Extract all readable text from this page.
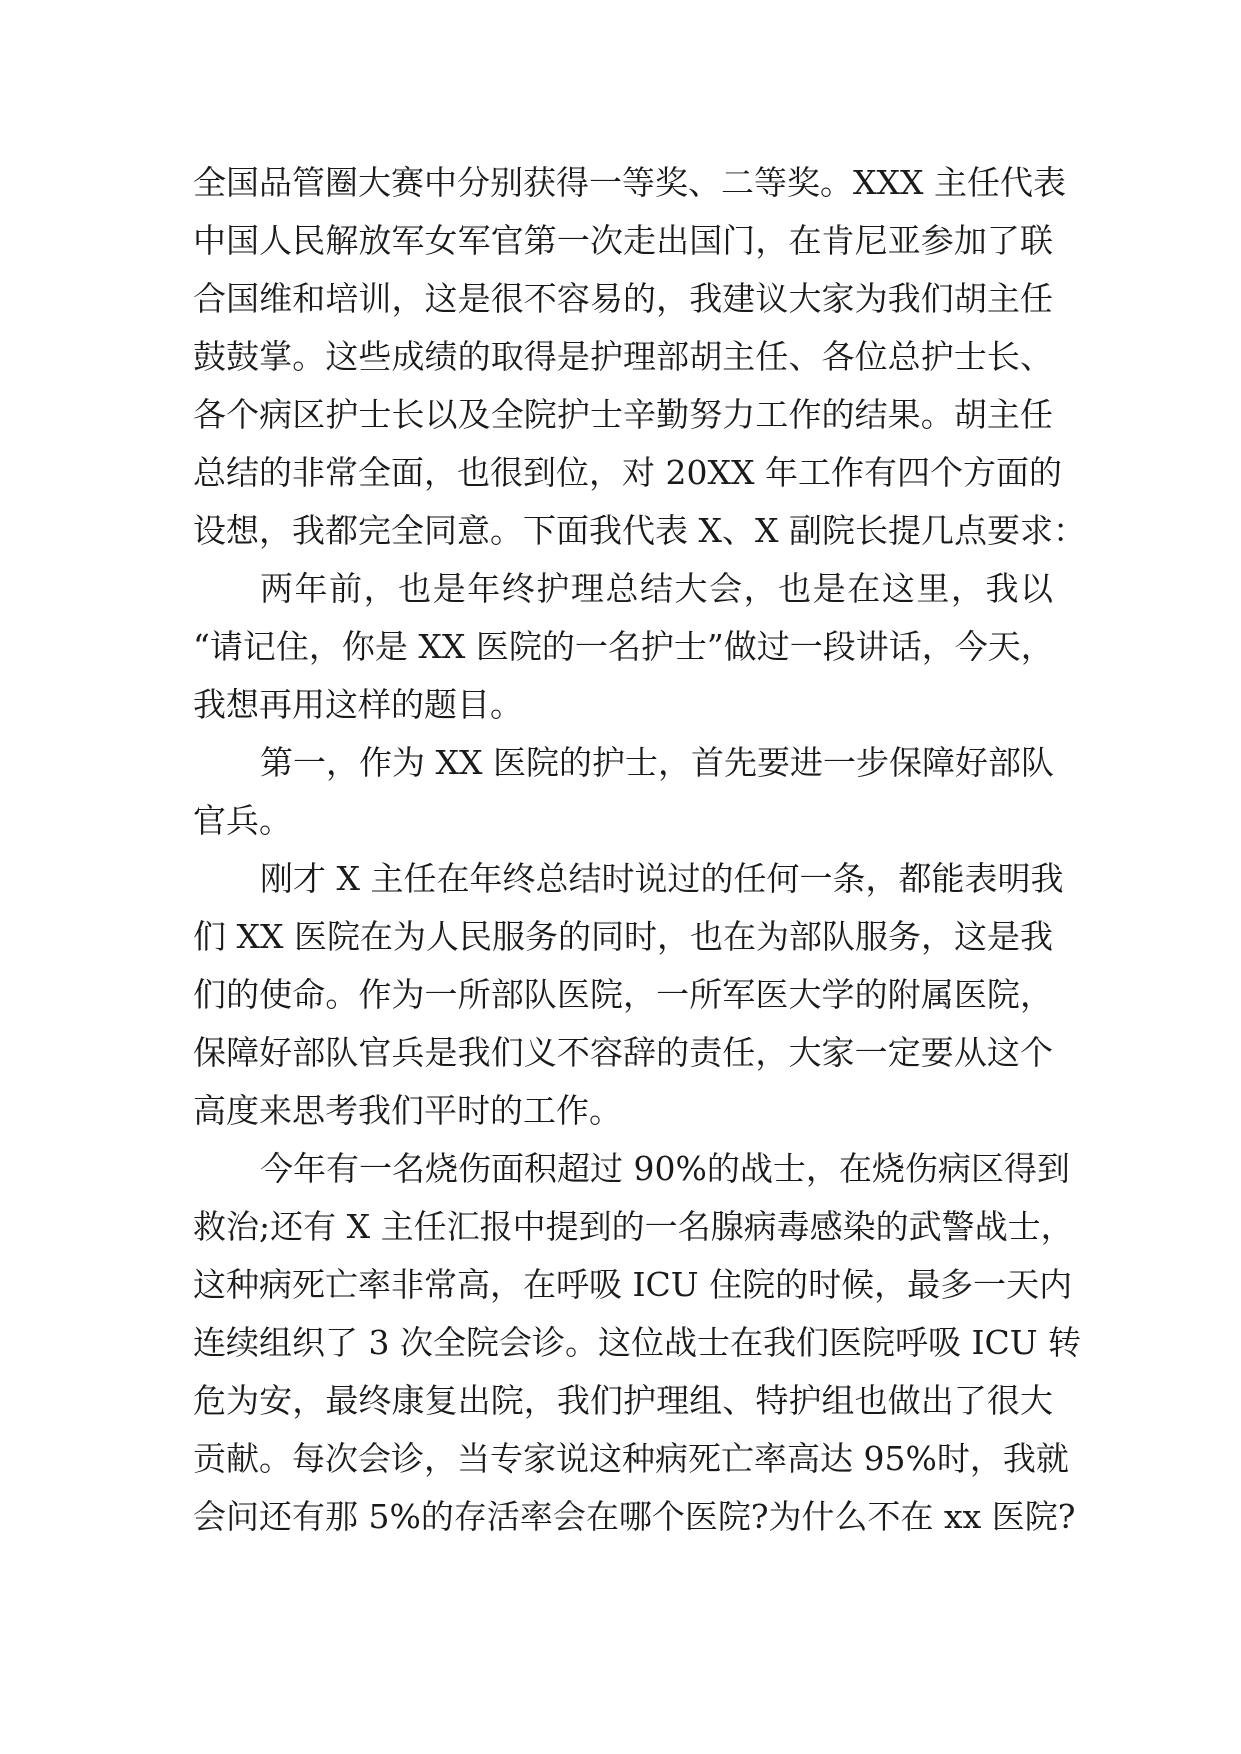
全国品管圈大赛中分别获得一等奖、二等奖。XXX 主任代表
中国人民解放军女军官第一次走出国门，在肯尼亚参加了联
合国维和培训，这是很不容易的，我建议大家为我们胡主任
鼓鼓掌。这些成绩的取得是护理部胡主任、各位总护士长、
各个病区护士长以及全院护士辛勤努力工作的结果。胡主任
总结的非常全面，也很到位，对 20XX 年工作有四个方面的
设想，我都完全同意。下面我代表 X、X 副院长提几点要求：
两年前，也是年终护理总结大会，也是在这里，我以
“请记住，你是 XX 医院的一名护士”做过一段讲话，今天，
我想再用这样的题目。
第一，作为 XX 医院的护士，首先要进一步保障好部队
官兵。
刚才 X 主任在年终总结时说过的任何一条，都能表明我
们 XX 医院在为人民服务的同时，也在为部队服务，这是我
们的使命。作为一所部队医院，一所军医大学的附属医院，
保障好部队官兵是我们义不容辞的责任，大家一定要从这个
高度来思考我们平时的工作。
今年有一名烧伤面积超过 90%的战士，在烧伤病区得到
救治;还有 X 主任汇报中提到的一名腺病毒感染的武警战士，
这种病死亡率非常高，在呼吸 ICU 住院的时候，最多一天内
连续组织了 3 次全院会诊。这位战士在我们医院呼吸 ICU 转
危为安，最终康复出院，我们护理组、特护组也做出了很大
贡献。每次会诊，当专家说这种病死亡率高达 95%时，我就
会问还有那 5%的存活率会在哪个医院?为什么不在 xx 医院?
